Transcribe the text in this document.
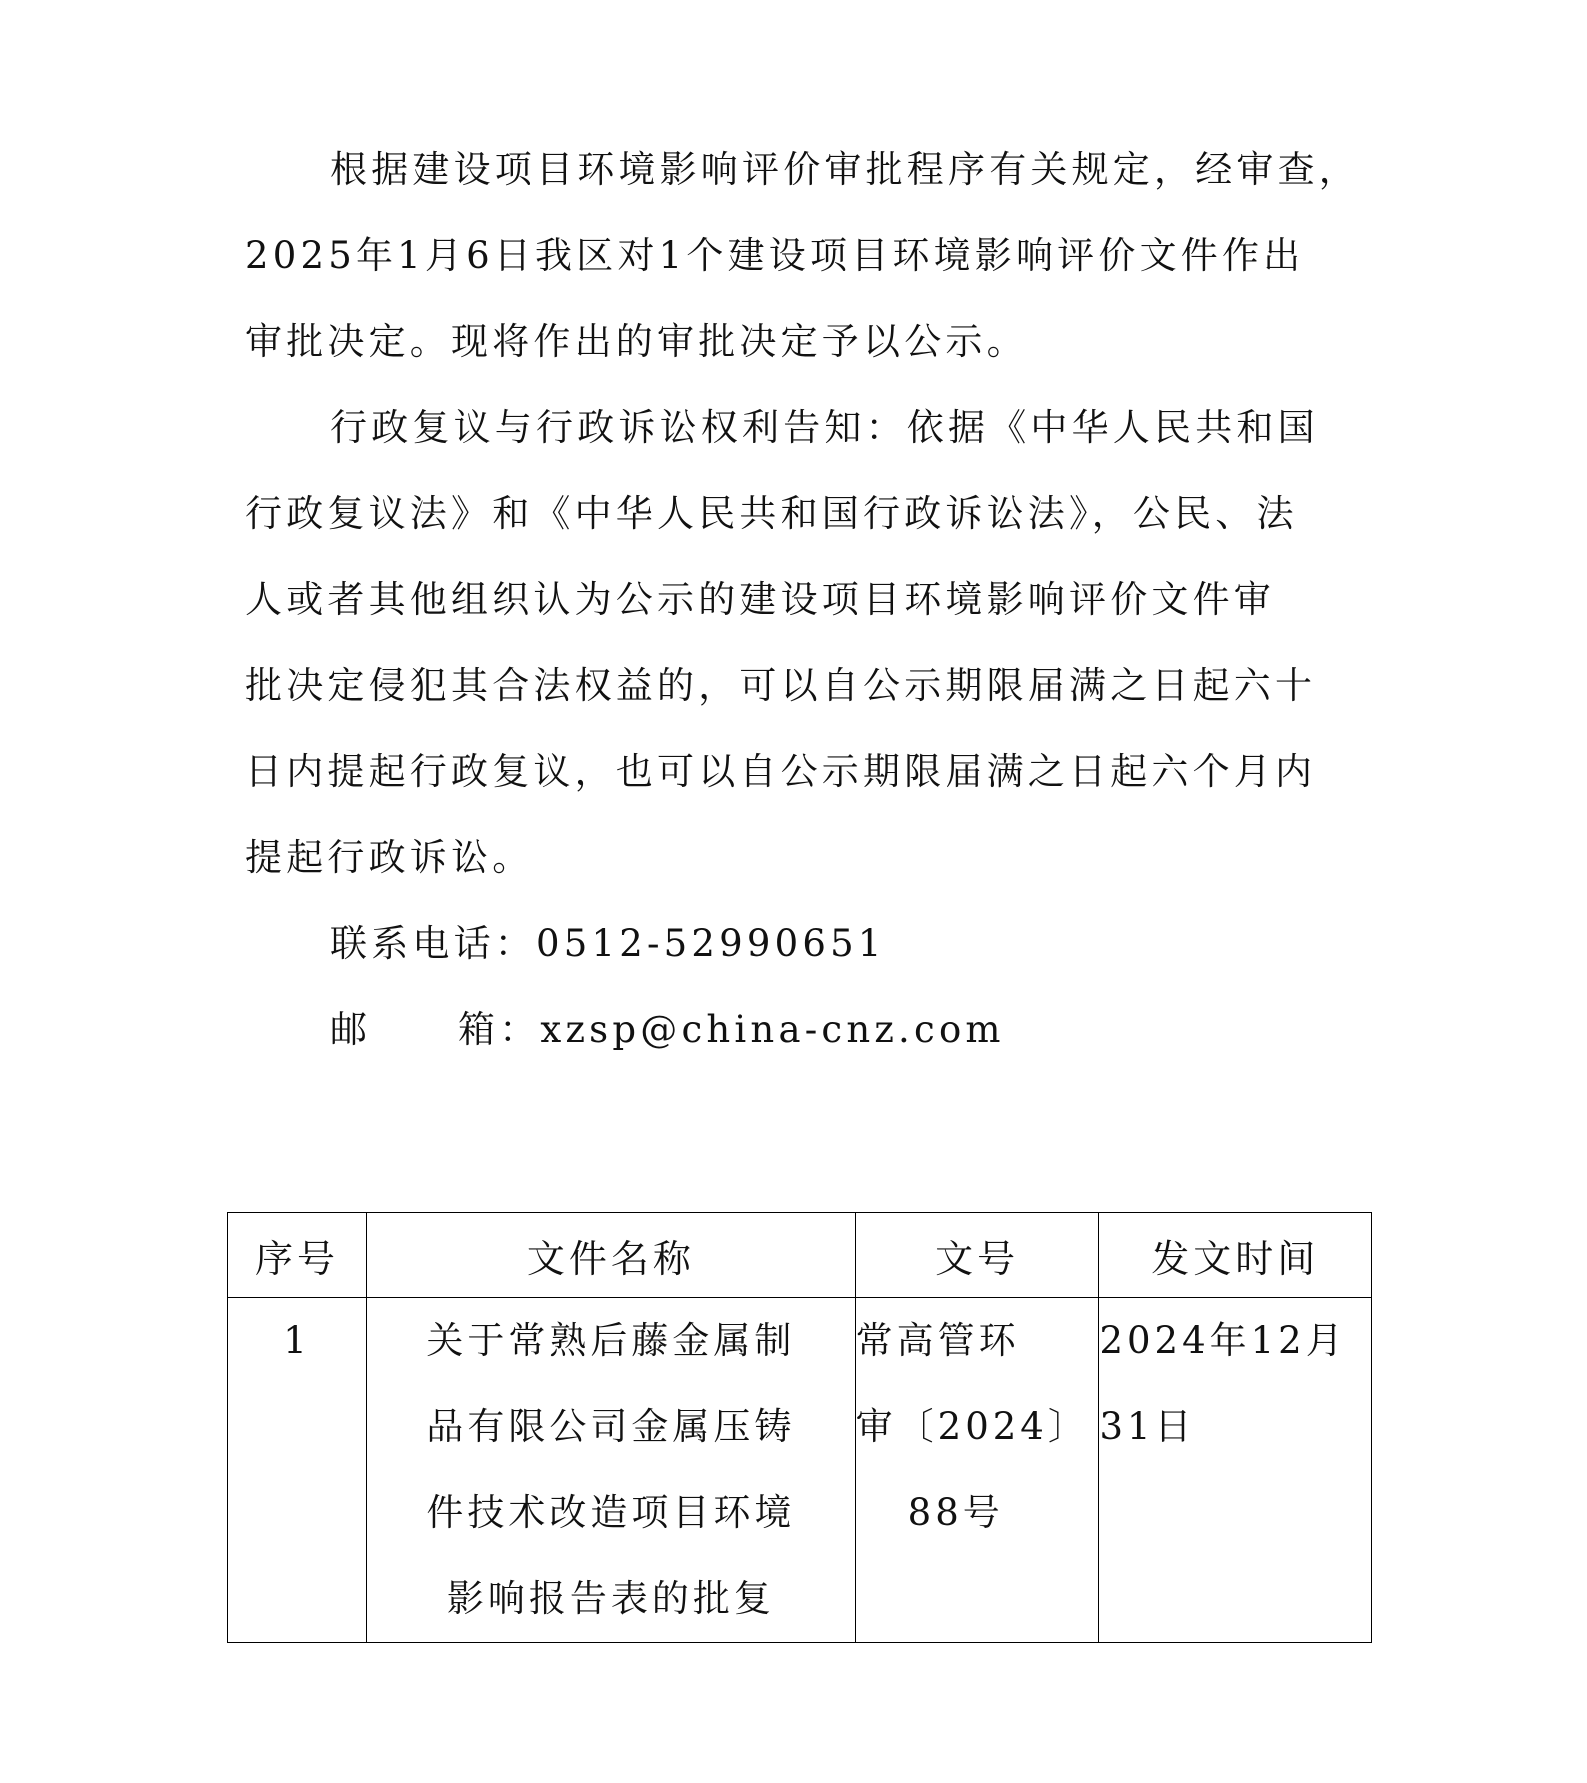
根据建设项目环境影响评价审批程序有关规定，经审查，
2025年1月6日我区对1个建设项目环境影响评价文件作出
审批决定。现将作出的审批决定予以公示。
行政复议与行政诉讼权利告知：依据《中华人民共和国
行政复议法》和《中华人民共和国行政诉讼法》，公民、法
人或者其他组织认为公示的建设项目环境影响评价文件审
批决定侵犯其合法权益的，可以自公示期限届满之日起六十
日内提起行政复议，也可以自公示期限届满之日起六个月内
提起行政诉讼。
联系电话：0512-52990651
邮 箱：xzsp@china-cnz.com
序号	文件名称	文号	发文时间
1	关于常熟后藤金属制
品有限公司金属压铸
件技术改造项目环境
影响报告表的批复	常高管环
审〔2024〕
88号	2024年12月
31日
